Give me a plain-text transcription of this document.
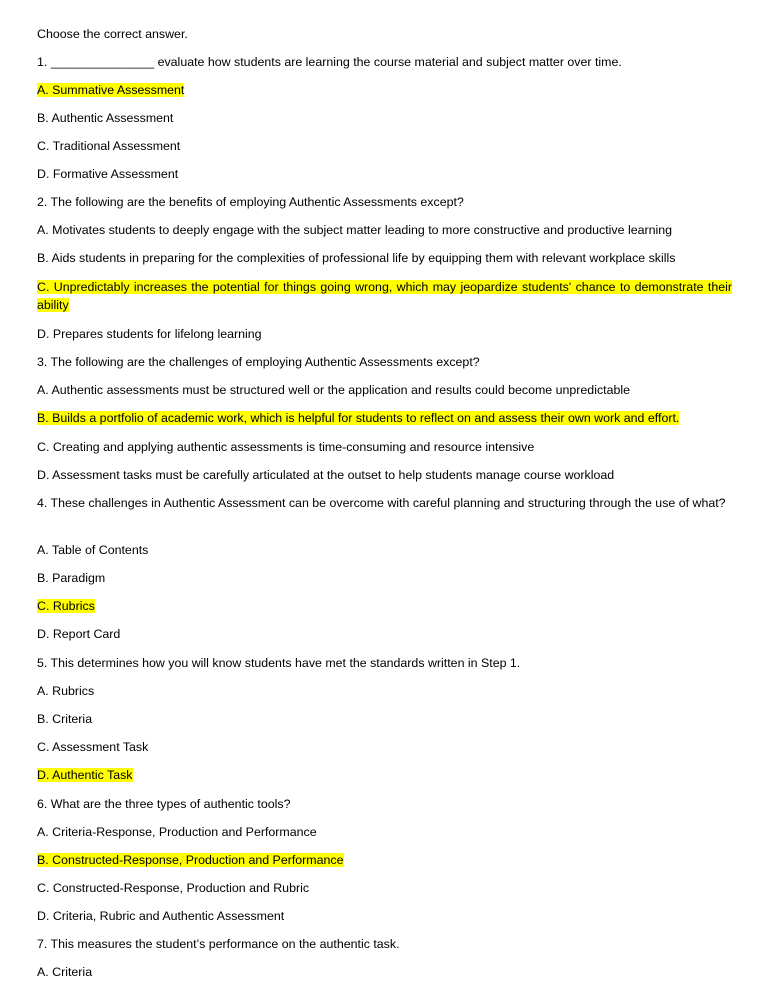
Choose the correct answer.
1. _______________ evaluate how students are learning the course material and subject matter over time.
A. Summative Assessment
B. Authentic Assessment
C. Traditional Assessment
D. Formative Assessment
2. The following are the benefits of employing Authentic Assessments except?
A. Motivates students to deeply engage with the subject matter leading to more constructive and productive learning
B. Aids students in preparing for the complexities of professional life by equipping them with relevant workplace skills
C. Unpredictably increases the potential for things going wrong, which may jeopardize students' chance to demonstrate their ability
D. Prepares students for lifelong learning
3. The following are the challenges of employing Authentic Assessments except?
A. Authentic assessments must be structured well or the application and results could become unpredictable
B. Builds a portfolio of academic work, which is helpful for students to reflect on and assess their own work and effort.
C. Creating and applying authentic assessments is time-consuming and resource intensive
D. Assessment tasks must be carefully articulated at the outset to help students manage course workload
4. These challenges in Authentic Assessment can be overcome with careful planning and structuring through the use of what?
A. Table of Contents
B. Paradigm
C. Rubrics
D. Report Card
5. This determines how you will know students have met the standards written in Step 1.
A. Rubrics
B. Criteria
C. Assessment Task
D. Authentic Task
6. What are the three types of authentic tools?
A. Criteria-Response, Production and Performance
B. Constructed-Response, Production and Performance
C. Constructed-Response, Production and Rubric
D. Criteria, Rubric and Authentic Assessment
7. This measures the student’s performance on the authentic task.
A. Criteria
